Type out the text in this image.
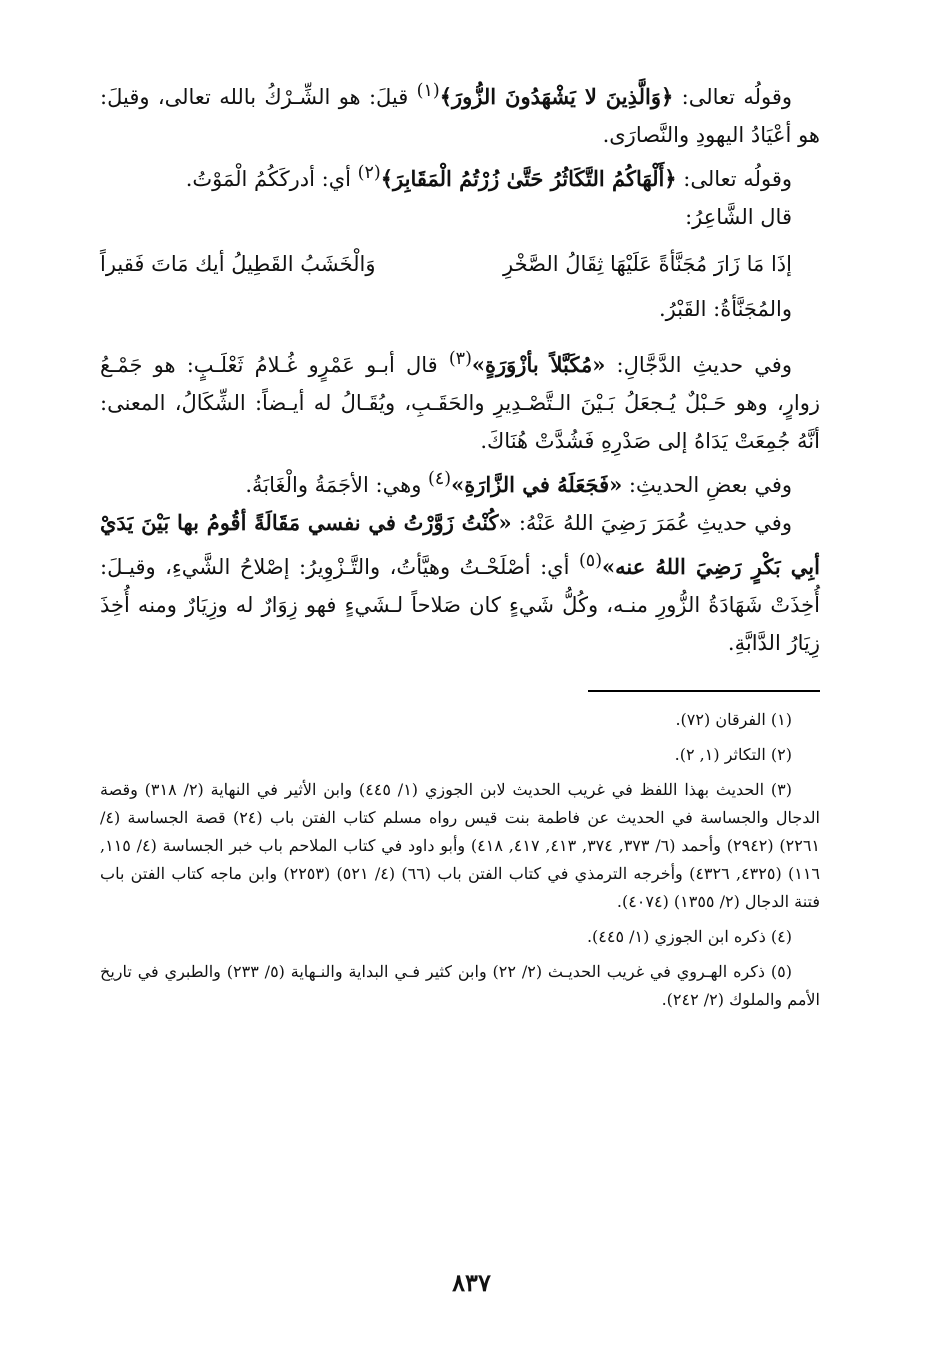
وقولُه تعالى: ﴿وَالَّذِينَ لا يَشْهَدُونَ الزُّورَ﴾$^{(١)}$ قيلَ: هو الشِّـرْكُ بالله تعالى، وقيلَ: هو أعْيَادُ اليهودِ والنَّصارَى.

وقولُه تعالى: ﴿أَلْهَاكُمُ التَّكَاثُرُ حَتَّىٰ زُرْتُمُ الْمَقَابِرَ﴾$^{(٢)}$ أي: أدركَكُمُ الْمَوْتُ.

قال الشَّاعِرُ:

إذَا مَا زَارَ مُجَنَّأةً عَلَيْهَا ثِقَالُ الصَّخْرِ
وَالْخَشَبُ القَطِيلُ أيك مَاتَ فَقيراً

والمُجَنَّأةُ: القَبْرُ.

وفي حديثِ الدَّجَّالِ: «مُكَبَّلاً بأزْوَرَةٍ»$^{(٣)}$ قال أبـو عَمْرٍو غُـلامُ ثَعْلَـبٍ: هو جَمْـعُ زوارٍ، وهو حَـبْلٌ يُـجعَلُ بَـيْنَ الـتَّصْـدِيرِ والحَقَـبِ، ويُقَـالُ له أيـضاً: الشِّكَالُ، المعنى: أنَّهُ جُمِعَتْ يَدَاهُ إلى صَدْرِهِ فَشُدَّتْ هُنَاكَ.

وفي بعضِ الحديثِ: «فَجَعَلَهُ في الزَّارَةِ»$^{(٤)}$ وهي: الأجَمَةُ والْغَابَةُ.

وفي حديثِ عُمَرَ رَضِيَ اللهُ عَنْهُ: «كُنْتُ زَوَّرْتُ في نفسي مَقَالَةً أقُومُ بها بَيْنَ يَدَيْ أبِي بَكْرٍ رَضِيَ اللهُ عنه»$^{(٥)}$ أي: أصْلَحْـتُ وهيَّأتُ، والتَّـزْوِيرُ: إصْلاحُ الشَّيءِ، وقيـلَ: أُخِذَتْ شَهَادَةُ الزُّورِ منـه، وكُلُّ شَيءٍ كان صَلاحاً لـشَيءٍ فهو زِوَارٌ له وزِيَارٌ ومنه أُخِذَ زِيَارُ الدَّابَّةِ.

(١) الفرقان (٧٢).

(٢) التكاثر (١, ٢).

(٣) الحديث بهذا اللفظ في غريب الحديث لابن الجوزي (١/ ٤٤٥) وابن الأثير في النهاية (٢/ ٣١٨) وقصة الدجال والجساسة في الحديث عن فاطمة بنت قيس رواه مسلم كتاب الفتن باب (٢٤) قصة الجساسة (٤/ ٢٢٦١) (٢٩٤٢) وأحمد (٦/ ٣٧٣, ٣٧٤, ٤١٣, ٤١٧, ٤١٨) وأبو داود في كتاب الملاحم باب خبر الجساسة (٤/ ١١٥, ١١٦) (٤٣٢٥, ٤٣٢٦) وأخرجه الترمذي في كتاب الفتن باب (٦٦) (٤/ ٥٢١) (٢٢٥٣) وابن ماجه كتاب الفتن باب فتنة الدجال (٢/ ١٣٥٥) (٤٠٧٤).

(٤) ذكره ابن الجوزي (١/ ٤٤٥).

(٥) ذكره الهـروي في غريب الحديـث (٢/ ٢٢) وابن كثير فـي البداية والنـهاية (٥/ ٢٣٣) والطبري في تاريخ الأمم والملوك (٢/ ٢٤٢).

٨٣٧
